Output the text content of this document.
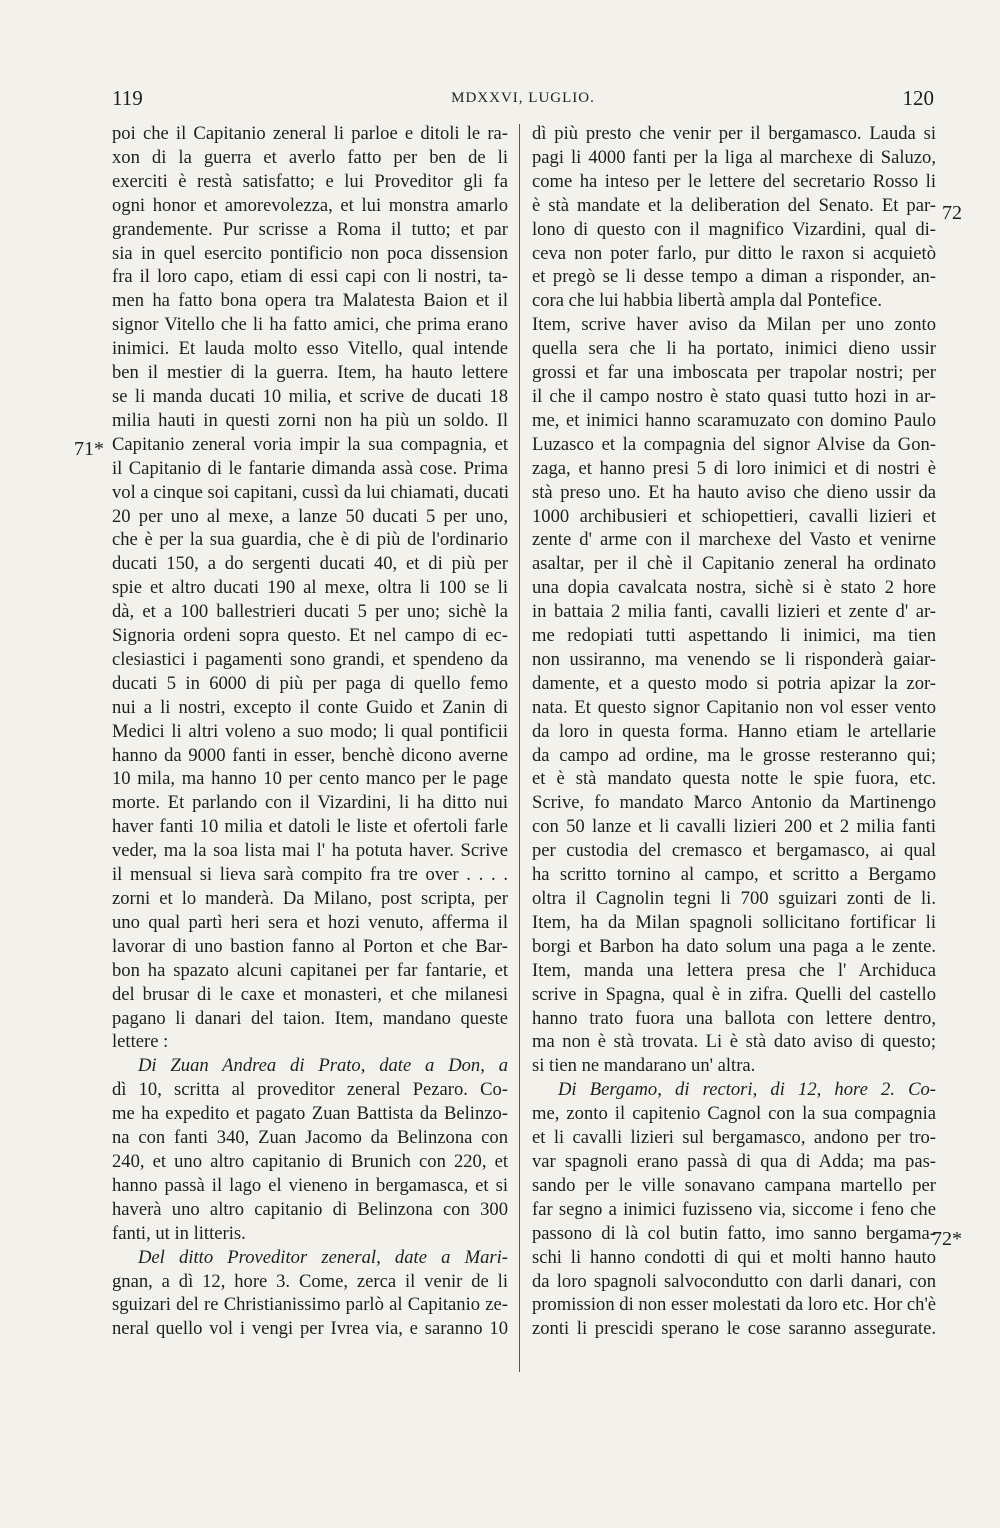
119	MDXXVI, LUGLIO.	120

poi che il Capitanio zeneral li parloe e ditoli le ra-

xon di la guerra et averlo fatto per ben de li

exerciti è restà satisfatto; e lui Proveditor gli fa

ogni honor et amorevolezza, et lui monstra amarlo

grandemente. Pur scrisse a Roma il tutto; et par

sia in quel esercito pontificio non poca dissension

fra il loro capo, etiam di essi capi con li nostri, ta-

men ha fatto bona opera tra Malatesta Baion et il

signor Vitello che li ha fatto amici, che prima erano

inimici. Et lauda molto esso Vitello, qual intende

ben il mestier di la guerra. Item, ha hauto lettere

se li manda ducati 10 milia, et scrive de ducati 18

milia hauti in questi zorni non ha più un soldo. Il

Capitanio zeneral voria impir la sua compagnia, et

il Capitanio di le fantarie dimanda assà cose. Prima

vol a cinque soi capitani, cussì da lui chiamati, ducati

20 per uno al mexe, a lanze 50 ducati 5 per uno,

che è per la sua guardia, che è di più de l'ordinario

ducati 150, a do sergenti ducati 40, et di più per

spie et altro ducati 190 al mexe, oltra li 100 se li

dà, et a 100 ballestrieri ducati 5 per uno; sichè la

Signoria ordeni sopra questo. Et nel campo di ec-

clesiastici i pagamenti sono grandi, et spendeno da

ducati 5 in 6000 di più per paga di quello femo

nui a li nostri, excepto il conte Guido et Zanin di

Medici li altri voleno a suo modo; li qual pontificii

hanno da 9000 fanti in esser, benchè dicono averne

10 mila, ma hanno 10 per cento manco per le page

morte. Et parlando con il Vizardini, li ha ditto nui

haver fanti 10 milia et datoli le liste et ofertoli farle

veder, ma la soa lista mai l' ha potuta haver. Scrive

il mensual si lieva sarà compito fra tre over . . . .

zorni et lo manderà. Da Milano, post scripta, per

uno qual partì heri sera et hozi venuto, afferma il

lavorar di uno bastion fanno al Porton et che Bar-

bon ha spazato alcuni capitanei per far fantarie, et

del brusar di le caxe et monasteri, et che milanesi

pagano li danari del taion. Item, mandano queste

lettere :

Di Zuan Andrea di Prato, date a Don, a

dì 10, scritta al proveditor zeneral Pezaro. Co-

me ha expedito et pagato Zuan Battista da Belinzo-

na con fanti 340, Zuan Jacomo da Belinzona con

240, et uno altro capitanio di Brunich con 220, et

hanno passà il lago el vieneno in bergamasca, et si

haverà uno altro capitanio di Belinzona con 300

fanti, ut in litteris.

Del ditto Proveditor zeneral, date a Mari-

gnan, a dì 12, hore 3. Come, zerca il venir de li

sguizari del re Christianissimo parlò al Capitanio ze-

neral quello vol i vengi per Ivrea via, e saranno 10

dì più presto che venir per il bergamasco. Lauda si

pagi li 4000 fanti per la liga al marchexe di Saluzo,

come ha inteso per le lettere del secretario Rosso li

è stà mandate et la deliberation del Senato. Et par-

lono di questo con il magnifico Vizardini, qual di-

ceva non poter farlo, pur ditto le raxon si acquietò

et pregò se li desse tempo a diman a risponder, an-

cora che lui habbia libertà ampla dal Pontefice.

Item, scrive haver aviso da Milan per uno zonto

quella sera che li ha portato, inimici dieno ussir

grossi et far una imboscata per trapolar nostri; per

il che il campo nostro è stato quasi tutto hozi in ar-

me, et inimici hanno scaramuzato con domino Paulo

Luzasco et la compagnia del signor Alvise da Gon-

zaga, et hanno presi 5 di loro inimici et di nostri è

stà preso uno. Et ha hauto aviso che dieno ussir da

1000 archibusieri et schiopettieri, cavalli lizieri et

zente d' arme con il marchexe del Vasto et venirne

asaltar, per il chè il Capitanio zeneral ha ordinato

una dopia cavalcata nostra, sichè si è stato 2 hore

in battaia 2 milia fanti, cavalli lizieri et zente d' ar-

me redopiati tutti aspettando li inimici, ma tien

non ussiranno, ma venendo se li risponderà gaiar-

damente, et a questo modo si potria apizar la zor-

nata. Et questo signor Capitanio non vol esser vento

da loro in questa forma. Hanno etiam le artellarie

da campo ad ordine, ma le grosse resteranno qui;

et è stà mandato questa notte le spie fuora, etc.

Scrive, fo mandato Marco Antonio da Martinengo

con 50 lanze et li cavalli lizieri 200 et 2 milia fanti

per custodia del cremasco et bergamasco, ai qual

ha scritto tornino al campo, et scritto a Bergamo

oltra il Cagnolin tegni li 700 sguizari zonti de li.

Item, ha da Milan spagnoli sollicitano fortificar li

borgi et Barbon ha dato solum una paga a le zente.

Item, manda una lettera presa che l' Archiduca

scrive in Spagna, qual è in zifra. Quelli del castello

hanno trato fuora una ballota con lettere dentro,

ma non è stà trovata. Li è stà dato aviso di questo;

si tien ne mandarano un' altra.

Di Bergamo, di rectori, di 12, hore 2. Co-

me, zonto il capitenio Cagnol con la sua compagnia

et li cavalli lizieri sul bergamasco, andono per tro-

var spagnoli erano passà di qua di Adda; ma pas-

sando per le ville sonavano campana martello per

far segno a inimici fuzisseno via, siccome i feno che

passono di là col butin fatto, imo sanno bergama-

schi li hanno condotti di qui et molti hanno hauto

da loro spagnoli salvocondutto con darli danari, con

promission di non esser molestati da loro etc. Hor ch'è

zonti li prescidi sperano le cose saranno assegurate.

71*
72
72*
